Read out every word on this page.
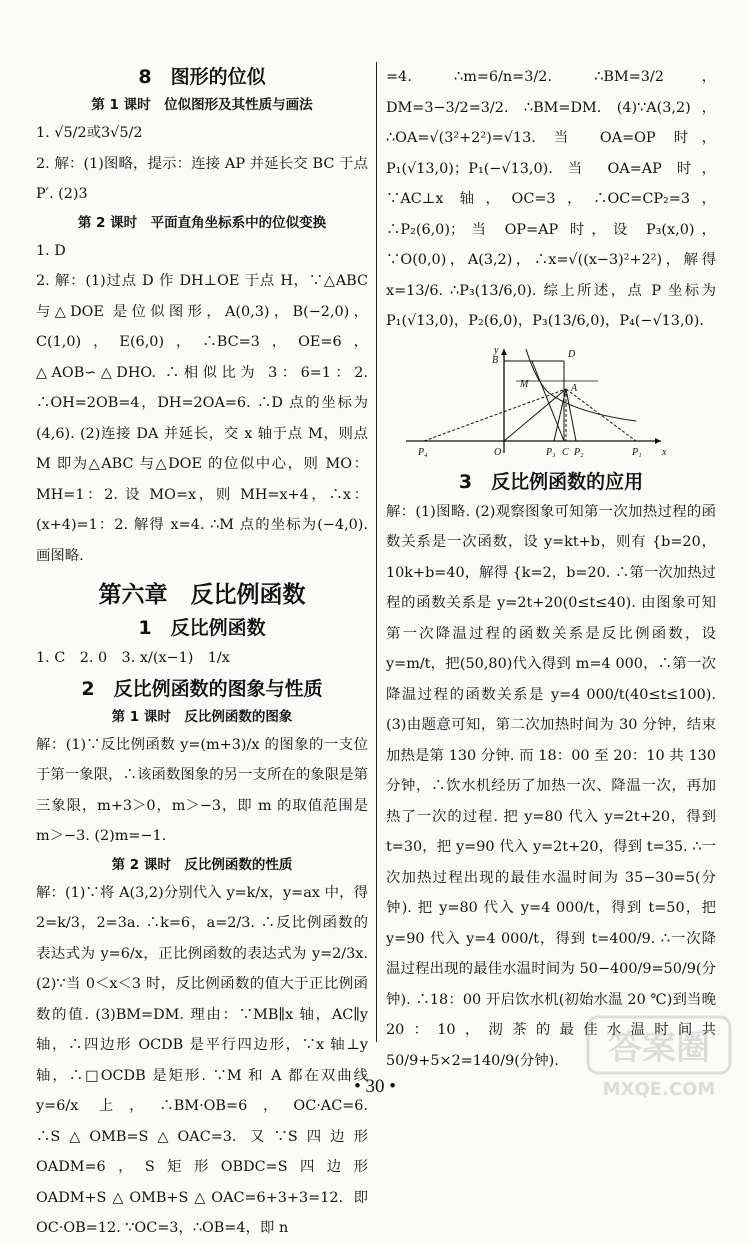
8　图形的位似
第 1 课时　位似图形及其性质与画法

1. √5/2或3√5/2

2. 解：(1)图略，提示：连接 AP 并延长交 BC 于点 P′. (2)3

第 2 课时　平面直角坐标系中的位似变换

1. D

2. 解：(1)过点 D 作 DH⊥OE 于点 H，∵△ABC 与△DOE 是位似图形，A(0,3)，B(−2,0)，C(1,0)，E(6,0)，∴BC=3，OE=6，△AOB∽△DHO. ∴相似比为 3：6=1：2. ∴OH=2OB=4，DH=2OA=6. ∴D 点的坐标为(4,6). (2)连接 DA 并延长，交 x 轴于点 M，则点 M 即为△ABC 与△DOE 的位似中心，则 MO：MH=1：2. 设 MO=x，则 MH=x+4，∴x：(x+4)=1：2. 解得 x=4. ∴M 点的坐标为(−4,0). 画图略.

第六章　反比例函数
1　反比例函数

1. C　2. 0　3. x/(x−1)　1/x

2　反比例函数的图象与性质
第 1 课时　反比例函数的图象

解：(1)∵反比例函数 y=(m+3)/x 的图象的一支位于第一象限，∴该函数图象的另一支所在的象限是第三象限，m+3＞0，m＞−3，即 m 的取值范围是 m＞−3. (2)m=−1.

第 2 课时　反比例函数的性质

解：(1)∵将 A(3,2)分别代入 y=k/x，y=ax 中，得 2=k/3，2=3a. ∴k=6，a=2/3. ∴反比例函数的表达式为 y=6/x，正比例函数的表达式为 y=2/3x. (2)∵当 0＜x＜3 时，反比例函数的值大于正比例函数的值. (3)BM=DM. 理由：∵MB∥x 轴，AC∥y 轴，∴四边形 OCDB 是平行四边形，∵x 轴⊥y 轴，∴□OCDB 是矩形. ∵M 和 A 都在双曲线 y=6/x 上，∴BM·OB=6，OC·AC=6. ∴S△OMB=S△OAC=3. 又∵S四边形OADM=6，S矩形OBDC=S四边形OADM+S△OMB+S△OAC=6+3+3=12. 即 OC·OB=12. ∵OC=3，∴OB=4，即 n

=4. ∴m=6/n=3/2. ∴BM=3/2，DM=3−3/2=3/2. ∴BM=DM. (4)∵A(3,2)，∴OA=√(3²+2²)=√13. 当 OA=OP 时，P₁(√13,0)；P₁(−√13,0). 当 OA=AP 时，∵AC⊥x 轴，OC=3，∴OC=CP₂=3，∴P₂(6,0)；当 OP=AP 时，设 P₃(x,0)，∵O(0,0)，A(3,2)，∴x=√((x−3)²+2²)，解得 x=13/6. ∴P₃(13/6,0). 综上所述，点 P 坐标为 P₁(√13,0)，P₂(6,0)，P₃(13/6,0)，P₄(−√13,0).

B
M
D
A
y
P₄	O	P₃ C P₂	P₁ x
3　反比例函数的应用

解：(1)图略. (2)观察图象可知第一次加热过程的函数关系是一次函数，设 y=kt+b，则有 {b=20，10k+b=40，解得 {k=2，b=20. ∴第一次加热过程的函数关系是 y=2t+20(0≤t≤40). 由图象可知第一次降温过程的函数关系是反比例函数，设 y=m/t，把(50,80)代入得到 m=4 000，∴第一次降温过程的函数关系是 y=4 000/t(40≤t≤100). (3)由题意可知，第二次加热时间为 30 分钟，结束加热是第 130 分钟. 而 18：00 至 20：10 共 130 分钟，∴饮水机经历了加热一次、降温一次，再加热了一次的过程. 把 y=80 代入 y=2t+20，得到 t=30，把 y=90 代入 y=2t+20，得到 t=35. ∴一次加热过程出现的最佳水温时间为 35−30=5(分钟). 把 y=80 代入 y=4 000/t，得到 t=50，把 y=90 代入 y=4 000/t，得到 t=400/9. ∴一次降温过程出现的最佳水温时间为 50−400/9=50/9(分钟). ∴18：00 开启饮水机(初始水温 20 ℃)到当晚 20：10，沏茶的最佳水温时间共 50/9+5×2=140/9(分钟).

• 30 •
答案圈
MXQE.COM
